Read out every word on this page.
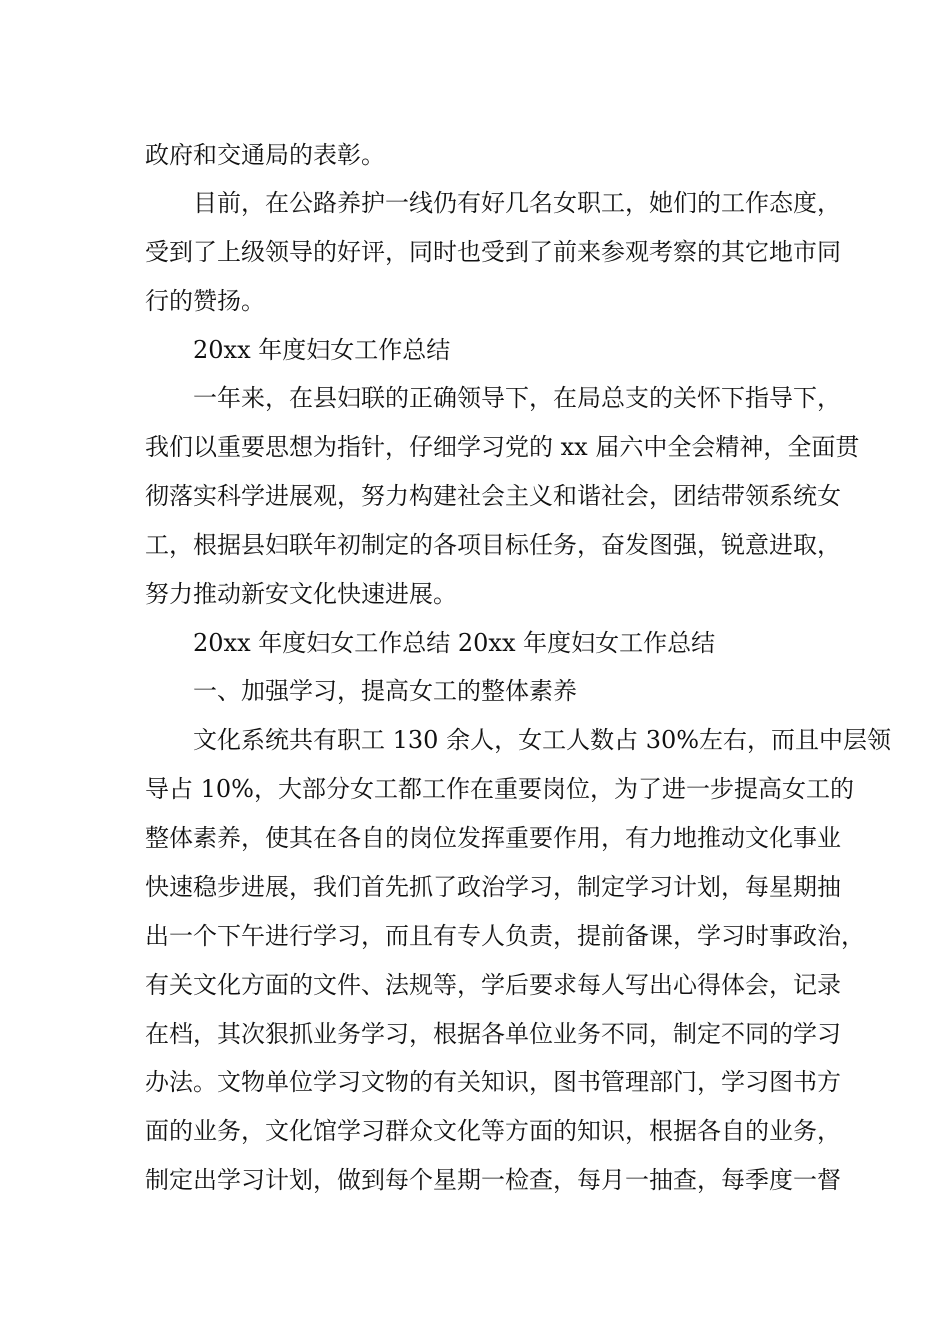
政府和交通局的表彰。
目前，在公路养护一线仍有好几名女职工，她们的工作态度，
受到了上级领导的好评，同时也受到了前来参观考察的其它地市同
行的赞扬。
20xx 年度妇女工作总结
一年来，在县妇联的正确领导下，在局总支的关怀下指导下，
我们以重要思想为指针，仔细学习党的 xx 届六中全会精神，全面贯
彻落实科学进展观，努力构建社会主义和谐社会，团结带领系统女
工，根据县妇联年初制定的各项目标任务，奋发图强，锐意进取，
努力推动新安文化快速进展。
20xx 年度妇女工作总结 20xx 年度妇女工作总结
一、加强学习，提高女工的整体素养
文化系统共有职工 130 余人，女工人数占 30%左右，而且中层领
导占 10%，大部分女工都工作在重要岗位，为了进一步提高女工的
整体素养，使其在各自的岗位发挥重要作用，有力地推动文化事业
快速稳步进展，我们首先抓了政治学习，制定学习计划，每星期抽
出一个下午进行学习，而且有专人负责，提前备课，学习时事政治，
有关文化方面的文件、法规等，学后要求每人写出心得体会，记录
在档，其次狠抓业务学习，根据各单位业务不同，制定不同的学习
办法。文物单位学习文物的有关知识，图书管理部门，学习图书方
面的业务，文化馆学习群众文化等方面的知识，根据各自的业务，
制定出学习计划，做到每个星期一检查，每月一抽查，每季度一督
